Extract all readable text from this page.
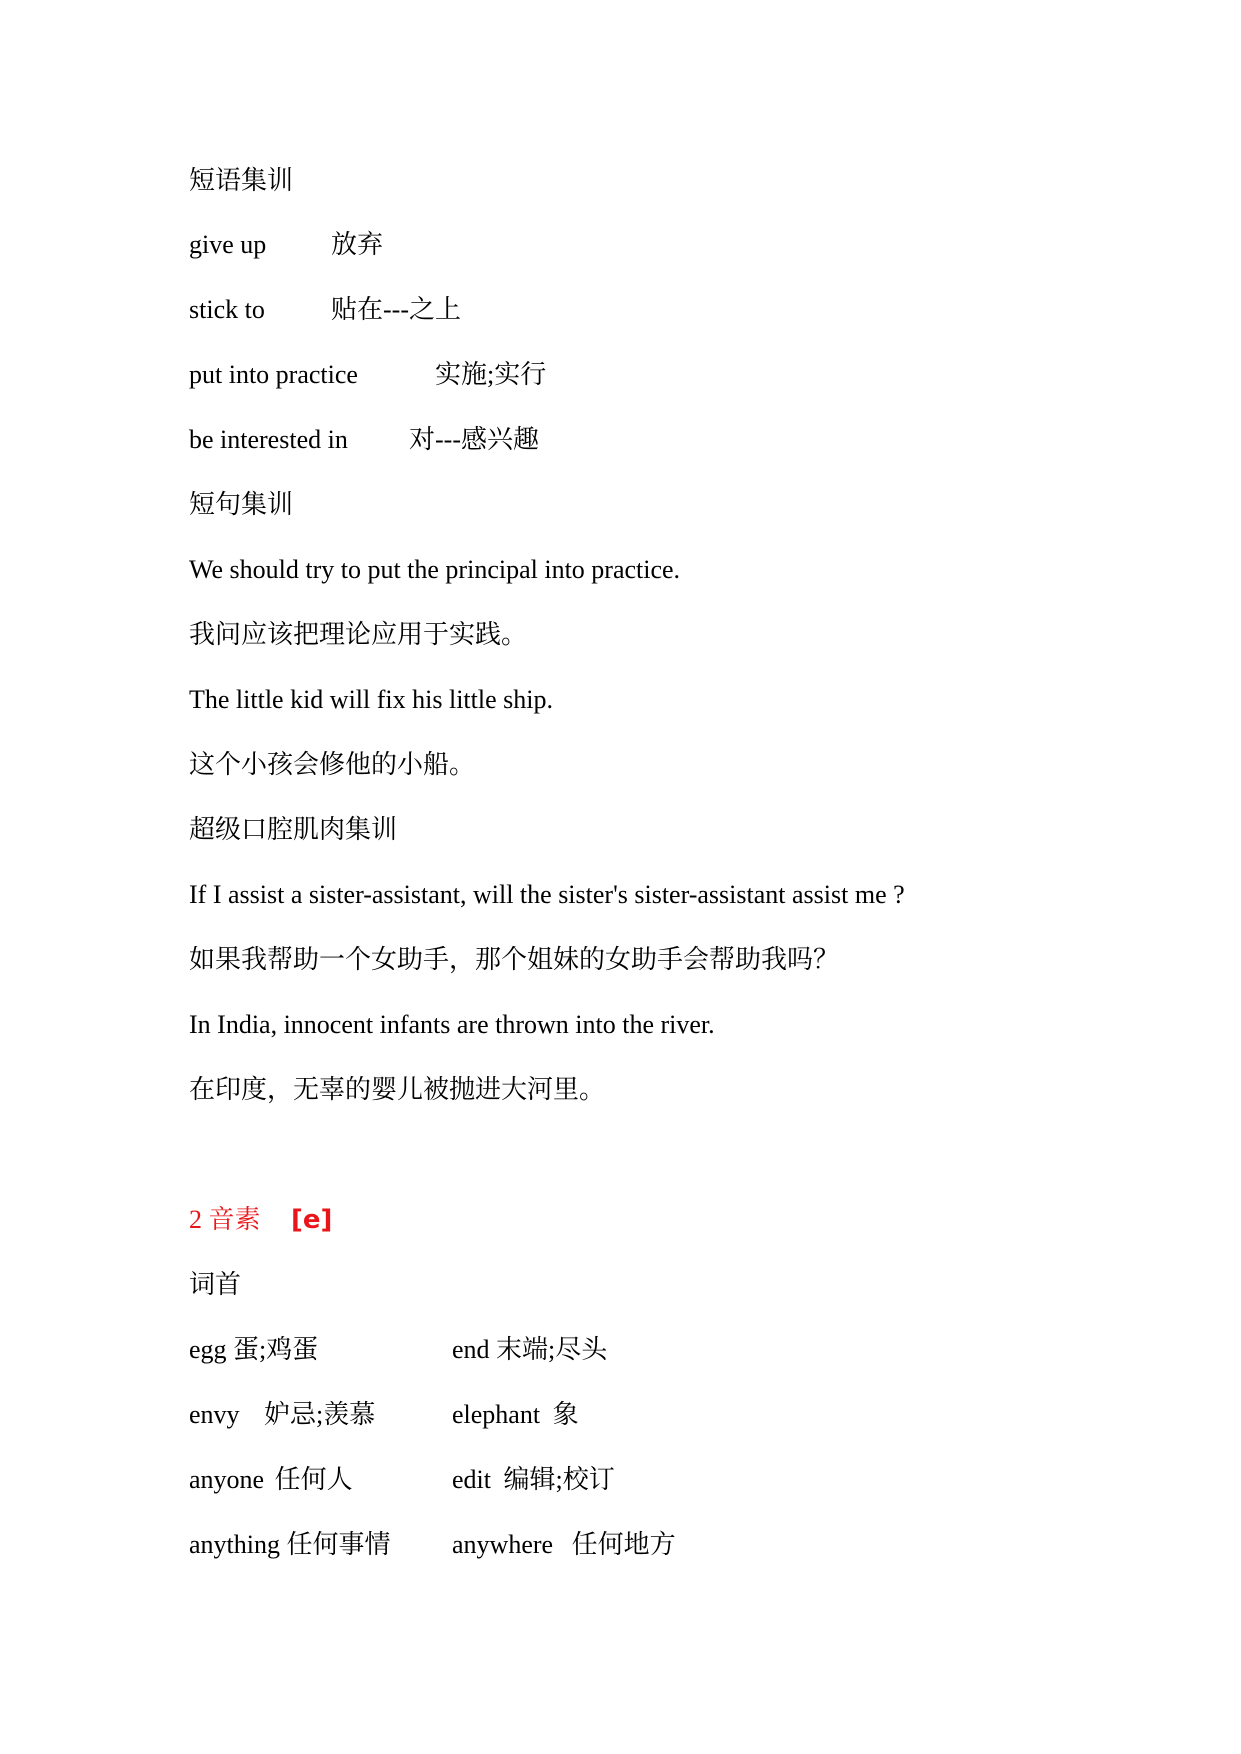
短语集训
give up 放弃
stick to	贴在---之上
put into practice	实施;实行
be interested in 对---感兴趣
短句集训
We should try to put the principal into practice.
我问应该把理论应用于实践。
The little kid will fix his little ship.
这个小孩会修他的小船。
超级口腔肌肉集训
If I assist a sister-assistant, will the sister's sister-assistant assist me ?
如果我帮助一个女助手，那个姐妹的女助手会帮助我吗？
In India, innocent infants are thrown into the river.
在印度，无辜的婴儿被抛进大河里。
2 音素 [e]
词首
egg 蛋;鸡蛋	end 末端;尽头
envy 妒忌;羡慕	elephant 象
anyone 任何人	edit 编辑;校订
anything 任何事情 anywhere 任何地方
